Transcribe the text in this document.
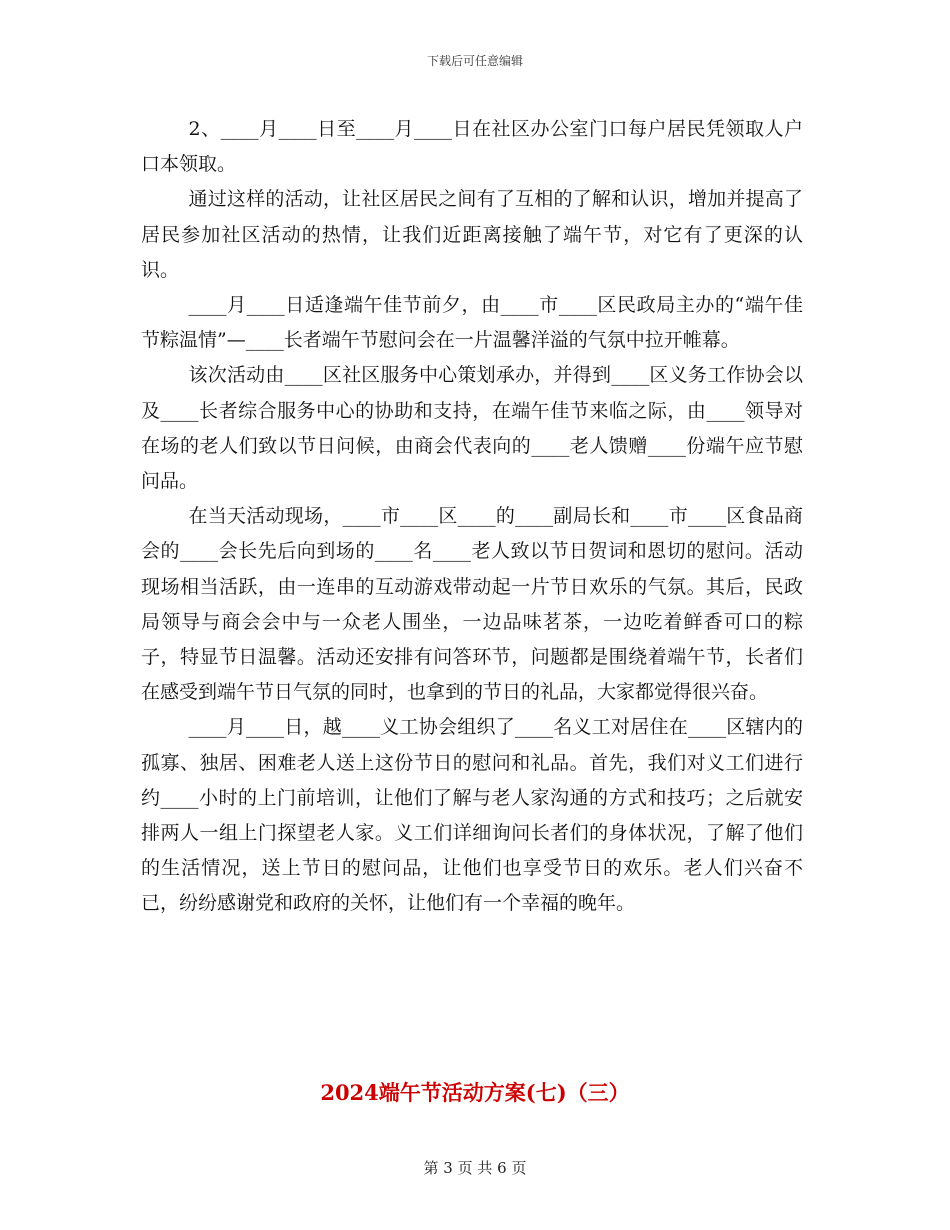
下载后可任意编辑

2、____月____日至____月____日在社区办公室门口每户居民凭领取人户口本领取。

通过这样的活动，让社区居民之间有了互相的了解和认识，增加并提高了居民参加社区活动的热情，让我们近距离接触了端午节，对它有了更深的认识。

____月____日适逢端午佳节前夕，由____市____区民政局主办的“端午佳节粽温情”—____长者端午节慰问会在一片温馨洋溢的气氛中拉开帷幕。

该次活动由____区社区服务中心策划承办，并得到____区义务工作协会以及____长者综合服务中心的协助和支持，在端午佳节来临之际，由____领导对在场的老人们致以节日问候，由商会代表向的____老人馈赠____份端午应节慰问品。

在当天活动现场，____市____区____的____副局长和____市____区食品商会的____会长先后向到场的____名____老人致以节日贺词和恩切的慰问。活动现场相当活跃，由一连串的互动游戏带动起一片节日欢乐的气氛。其后，民政局领导与商会会中与一众老人围坐，一边品味茗茶，一边吃着鲜香可口的粽子，特显节日温馨。活动还安排有问答环节，问题都是围绕着端午节，长者们在感受到端午节日气氛的同时，也拿到的节日的礼品，大家都觉得很兴奋。

____月____日，越____义工协会组织了____名义工对居住在____区辖内的孤寡、独居、困难老人送上这份节日的慰问和礼品。首先，我们对义工们进行约____小时的上门前培训，让他们了解与老人家沟通的方式和技巧；之后就安排两人一组上门探望老人家。义工们详细询问长者们的身体状况，了解了他们的生活情况，送上节日的慰问品，让他们也享受节日的欢乐。老人们兴奋不已，纷纷感谢党和政府的关怀，让他们有一个幸福的晚年。

2024端午节活动方案(七)（三）
第 3 页 共 6 页
